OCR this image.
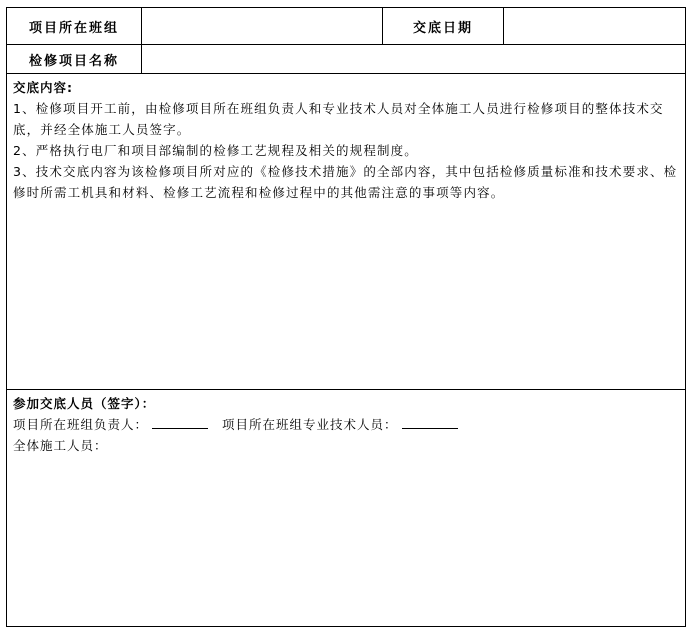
项目所在班组	交底日期
检修项目名称
交底内容:

1、检修项目开工前，由检修项目所在班组负责人和专业技术人员对全体施工人员进行检修项目的整体技术交底，并经全体施工人员签字。

2、严格执行电厂和项目部编制的检修工艺规程及相关的规程制度。

3、技术交底内容为该检修项目所对应的《检修技术措施》的全部内容，其中包括检修质量标准和技术要求、检修时所需工机具和材料、检修工艺流程和检修过程中的其他需注意的事项等内容。

参加交底人员（签字）：
项目所在班组负责人：	项目所在班组专业技术人员：
全体施工人员：
